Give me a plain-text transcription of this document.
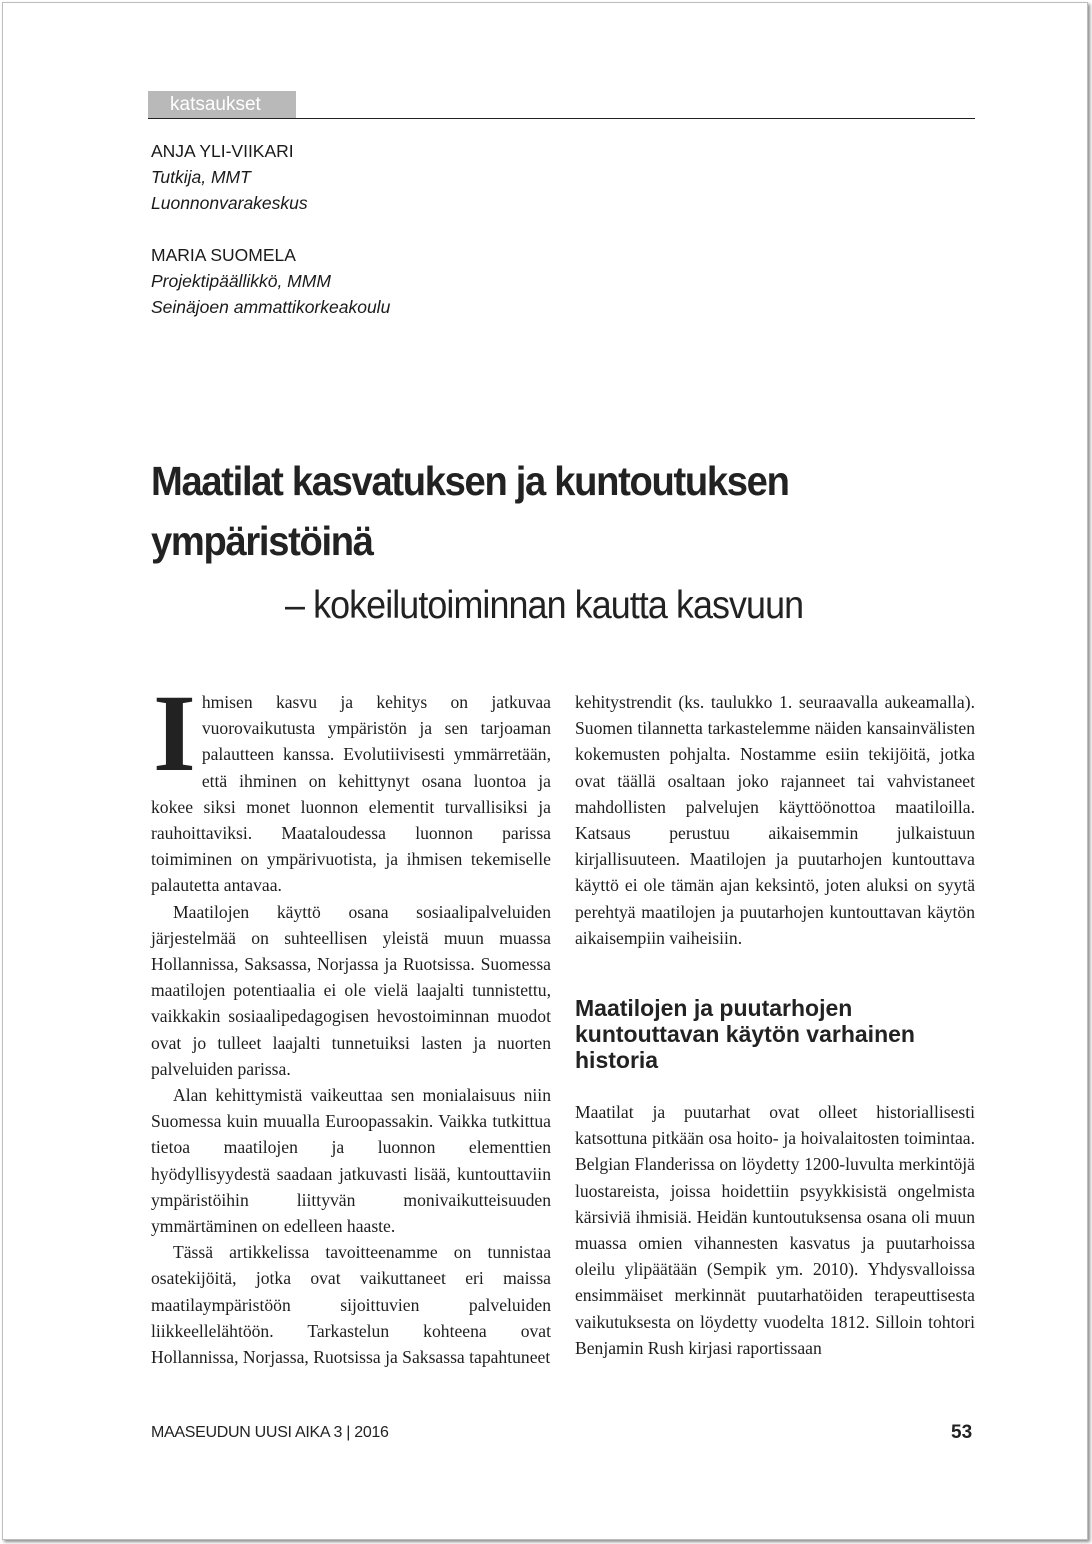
katsaukset
ANJA YLI-VIIKARI
Tutkija, MMT
Luonnonvarakeskus
MARIA SUOMELA
Projektipäällikkö, MMM
Seinäjoen ammattikorkeakoulu
Maatilat kasvatuksen ja kuntoutuksen
ympäristöinä
– kokeilutoiminnan kautta kasvuun

Ihmisen kasvu ja kehitys on jatkuvaa vuorovaikutusta ympäristön ja sen tarjoaman palautteen kanssa. Evolutiivisesti ymmärretään, että ihminen on kehittynyt osana luontoa ja kokee siksi monet luonnon elementit turvallisiksi ja rauhoittaviksi. Maataloudessa luonnon parissa toimiminen on ympärivuotista, ja ihmisen tekemiselle palautetta antavaa.

Maatilojen käyttö osana sosiaalipalveluiden järjestelmää on suhteellisen yleistä muun muassa Hollannissa, Saksassa, Norjassa ja Ruotsissa. Suomessa maatilojen potentiaalia ei ole vielä laajalti tunnistettu, vaikkakin sosiaalipedagogisen hevostoiminnan muodot ovat jo tulleet laajalti tunnetuiksi lasten ja nuorten palveluiden parissa.

Alan kehittymistä vaikeuttaa sen monialaisuus niin Suomessa kuin muualla Euroopassakin. Vaikka tutkittua tietoa maatilojen ja luonnon elementtien hyödyllisyydestä saadaan jatkuvasti lisää, kuntouttaviin ympäristöihin liittyvän monivaikutteisuuden ymmärtäminen on edelleen haaste.

Tässä artikkelissa tavoitteenamme on tunnistaa osatekijöitä, jotka ovat vaikuttaneet eri maissa maatilaympäristöön sijoittuvien palveluiden liikkeellelähtöön. Tarkastelun kohteena ovat Hollannissa, Norjassa, Ruotsissa ja Saksassa tapahtuneet

kehitystrendit (ks. taulukko 1. seuraavalla aukeamalla). Suomen tilannetta tarkastelemme näiden kansainvälisten kokemusten pohjalta. Nostamme esiin tekijöitä, jotka ovat täällä osaltaan joko rajanneet tai vahvistaneet mahdollisten palvelujen käyttöönottoa maatiloilla. Katsaus perustuu aikaisemmin julkaistuun kirjallisuuteen. Maatilojen ja puutarhojen kuntouttava käyttö ei ole tämän ajan keksintö, joten aluksi on syytä perehtyä maatilojen ja puutarhojen kuntouttavan käytön aikaisempiin vaiheisiin.

Maatilojen ja puutarhojen kuntouttavan käytön varhainen historia

Maatilat ja puutarhat ovat olleet historiallisesti katsottuna pitkään osa hoito- ja hoivalaitosten toimintaa. Belgian Flanderissa on löydetty 1200-luvulta merkintöjä luostareista, joissa hoidettiin psyykkisistä ongelmista kärsiviä ihmisiä. Heidän kuntoutuksensa osana oli muun muassa omien vihannesten kasvatus ja puutarhoissa oleilu ylipäätään (Sempik ym. 2010). Yhdysvalloissa ensimmäiset merkinnät puutarhatöiden terapeuttisesta vaikutuksesta on löydetty vuodelta 1812. Silloin tohtori Benjamin Rush kirjasi raportissaan

MAASEUDUN UUSI AIKA 3 | 2016	53
